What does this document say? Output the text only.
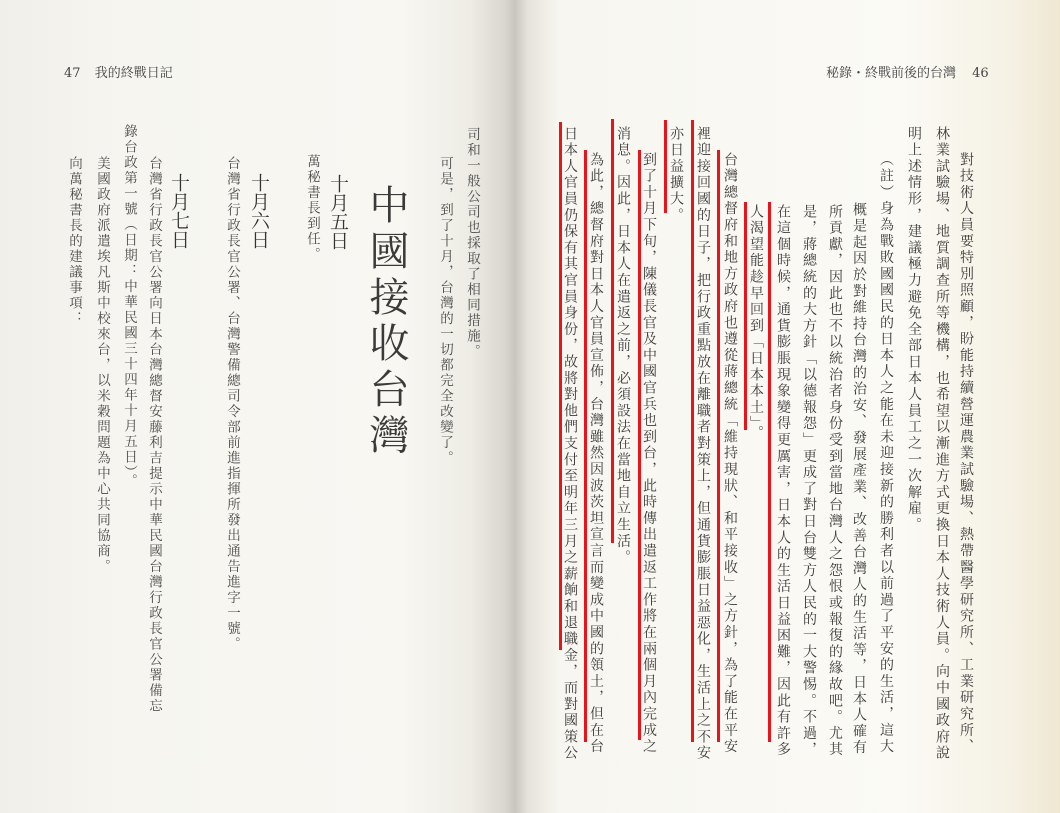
47 我的終戰日記
司和一般公司也採取了相同措施。
可是，到了十月，台灣的一切都完全改變了。
中國接收台灣
十月五日
萬秘書長到任。
十月六日
台灣省行政長官公署、台灣警備總司令部前進指揮所發出通告進字一號。
十月七日
台灣省行政長官公署向日本台灣總督安藤利吉提示中華民國台灣行政長官公署備忘
錄台政第一號（日期：中華民國三十四年十月五日）。
美國政府派遣埃凡斯中校來台，以米穀問題為中心共同協商。
向萬秘書長的建議事項：
秘錄・終戰前後的台灣 46
對技術人員要特別照顧，盼能持續營運農業試驗場、熱帶醫學研究所、工業研究所、
林業試驗場、地質調查所等機構，也希望以漸進方式更換日本人技術人員。向中國政府說
明上述情形，建議極力避免全部日本人員工之一次解雇。
（註）身為戰敗國國民的日本人之能在未迎接新的勝利者以前過了平安的生活，這大
概是起因於對維持台灣的治安、發展產業、改善台灣人的生活等，日本人確有
所貢獻，因此也不以統治者身份受到當地台灣人之怨恨或報復的緣故吧。尤其
是，蔣總統的大方針「以德報怨」更成了對日台雙方人民的一大警惕。不過，
在這個時候，通貨膨脹現象變得更厲害，日本人的生活日益困難，因此有許多
人渴望能趁早回到「日本本土」。
台灣總督府和地方政府也遵從蔣總統「維持現狀、和平接收」之方針，為了能在平安
裡迎接回國的日子，把行政重點放在離職者對策上，但通貨膨脹日益惡化，生活上之不安
亦日益擴大。
到了十月下旬，陳儀長官及中國官兵也到台，此時傳出遣返工作將在兩個月內完成之
消息。因此，日本人在遣返之前，必須設法在當地自立生活。
為此，總督府對日本人官員宣佈，台灣雖然因波茨坦宣言而變成中國的領土，但在台
日本人官員仍保有其官員身份，故將對他們支付至明年三月之薪餉和退職金，而對國策公
